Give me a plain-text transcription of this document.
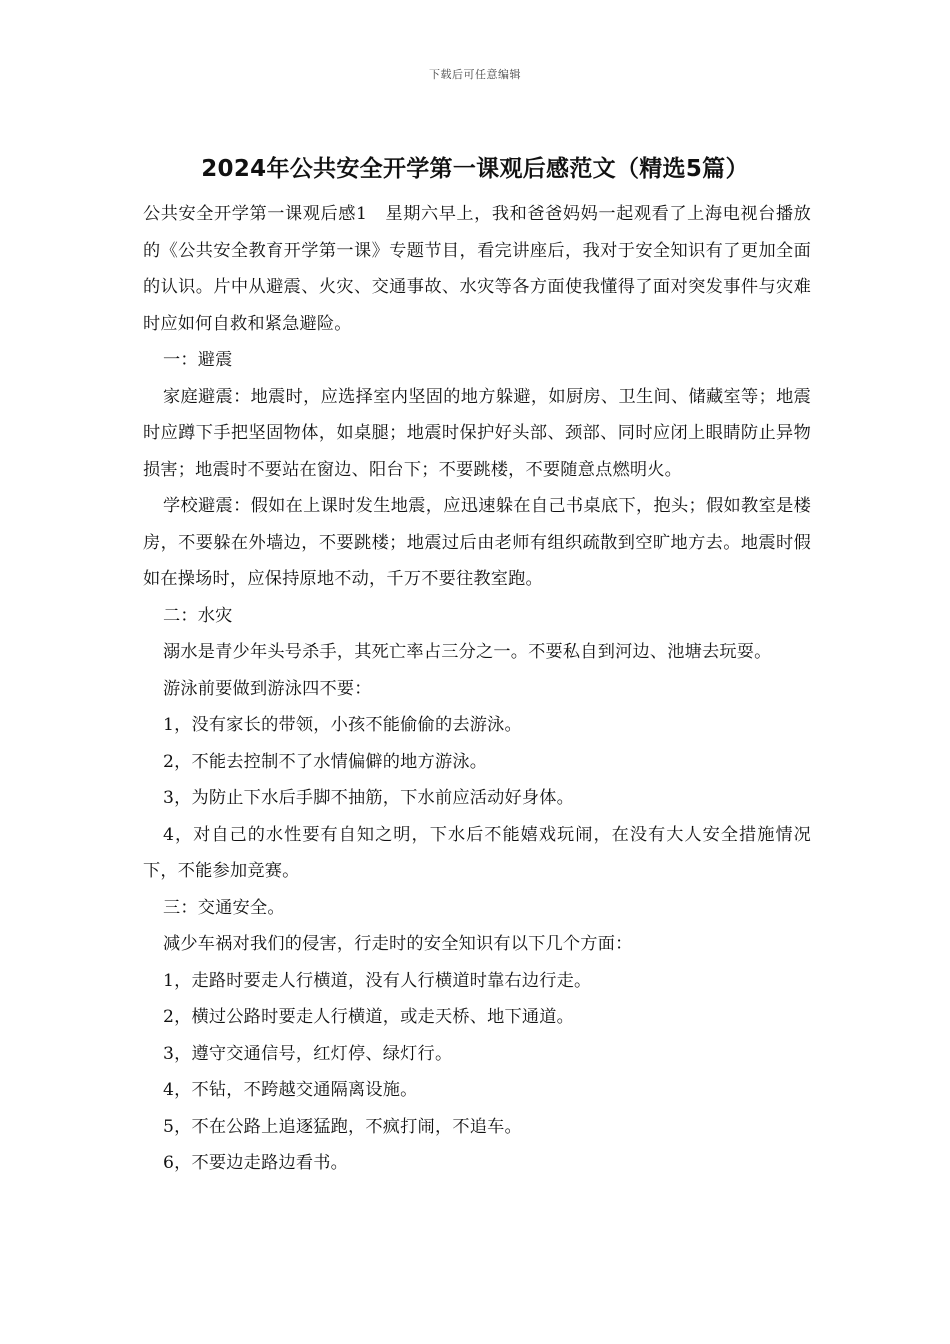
下载后可任意编辑
2024年公共安全开学第一课观后感范文（精选5篇）

公共安全开学第一课观后感1 星期六早上，我和爸爸妈妈一起观看了上海电视台播放的《公共安全教育开学第一课》专题节目，看完讲座后，我对于安全知识有了更加全面的认识。片中从避震、火灾、交通事故、水灾等各方面使我懂得了面对突发事件与灾难时应如何自救和紧急避险。

一：避震

家庭避震：地震时，应选择室内坚固的地方躲避，如厨房、卫生间、储藏室等；地震时应蹲下手把坚固物体，如桌腿；地震时保护好头部、颈部、同时应闭上眼睛防止异物损害；地震时不要站在窗边、阳台下；不要跳楼，不要随意点燃明火。

学校避震：假如在上课时发生地震，应迅速躲在自己书桌底下，抱头；假如教室是楼房，不要躲在外墙边，不要跳楼；地震过后由老师有组织疏散到空旷地方去。地震时假如在操场时，应保持原地不动，千万不要往教室跑。

二：水灾

溺水是青少年头号杀手，其死亡率占三分之一。不要私自到河边、池塘去玩耍。

游泳前要做到游泳四不要：

1，没有家长的带领，小孩不能偷偷的去游泳。

2，不能去控制不了水情偏僻的地方游泳。

3，为防止下水后手脚不抽筋，下水前应活动好身体。

4，对自己的水性要有自知之明，下水后不能嬉戏玩闹，在没有大人安全措施情况下，不能参加竞赛。

三：交通安全。

减少车祸对我们的侵害，行走时的安全知识有以下几个方面：

1，走路时要走人行横道，没有人行横道时靠右边行走。

2，横过公路时要走人行横道，或走天桥、地下通道。

3，遵守交通信号，红灯停、绿灯行。

4，不钻，不跨越交通隔离设施。

5，不在公路上追逐猛跑，不疯打闹，不追车。

6，不要边走路边看书。
